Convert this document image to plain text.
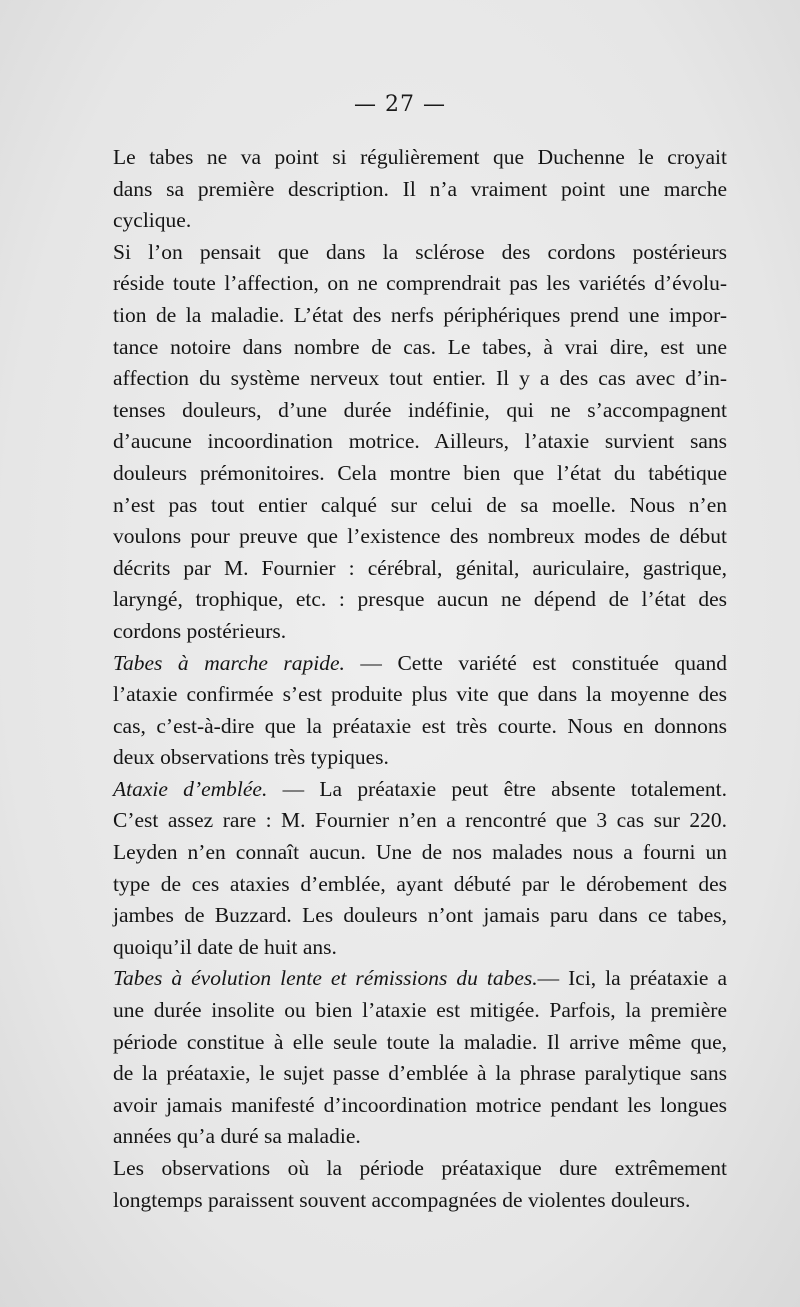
— 27 —
Le tabes ne va point si régulièrement que Duchenne le croyait
dans sa première description. Il n’a vraiment point une marche
cyclique.
Si l’on pensait que dans la sclérose des cordons postérieurs
réside toute l’affection, on ne comprendrait pas les variétés d’évolu-
tion de la maladie. L’état des nerfs périphériques prend une impor-
tance notoire dans nombre de cas. Le tabes, à vrai dire, est une
affection du système nerveux tout entier. Il y a des cas avec d’in-
tenses douleurs, d’une durée indéfinie, qui ne s’accompagnent
d’aucune incoordination motrice. Ailleurs, l’ataxie survient sans
douleurs prémonitoires. Cela montre bien que l’état du tabétique
n’est pas tout entier calqué sur celui de sa moelle. Nous n’en
voulons pour preuve que l’existence des nombreux modes de début
décrits par M. Fournier : cérébral, génital, auriculaire, gastrique,
laryngé, trophique, etc. : presque aucun ne dépend de l’état des
cordons postérieurs.
Tabes à marche rapide. — Cette variété est constituée quand
l’ataxie confirmée s’est produite plus vite que dans la moyenne des
cas, c’est-à-dire que la préataxie est très courte. Nous en donnons
deux observations très typiques.
Ataxie d’emblée. — La préataxie peut être absente totalement.
C’est assez rare : M. Fournier n’en a rencontré que 3 cas sur 220.
Leyden n’en connaît aucun. Une de nos malades nous a fourni un
type de ces ataxies d’emblée, ayant débuté par le dérobement des
jambes de Buzzard. Les douleurs n’ont jamais paru dans ce tabes,
quoiqu’il date de huit ans.
Tabes à évolution lente et rémissions du tabes.— Ici, la préataxie a
une durée insolite ou bien l’ataxie est mitigée. Parfois, la première
période constitue à elle seule toute la maladie. Il arrive même que,
de la préataxie, le sujet passe d’emblée à la phrase paralytique sans
avoir jamais manifesté d’incoordination motrice pendant les longues
années qu’a duré sa maladie.
Les observations où la période préataxique dure extrêmement
longtemps paraissent souvent accompagnées de violentes douleurs.
